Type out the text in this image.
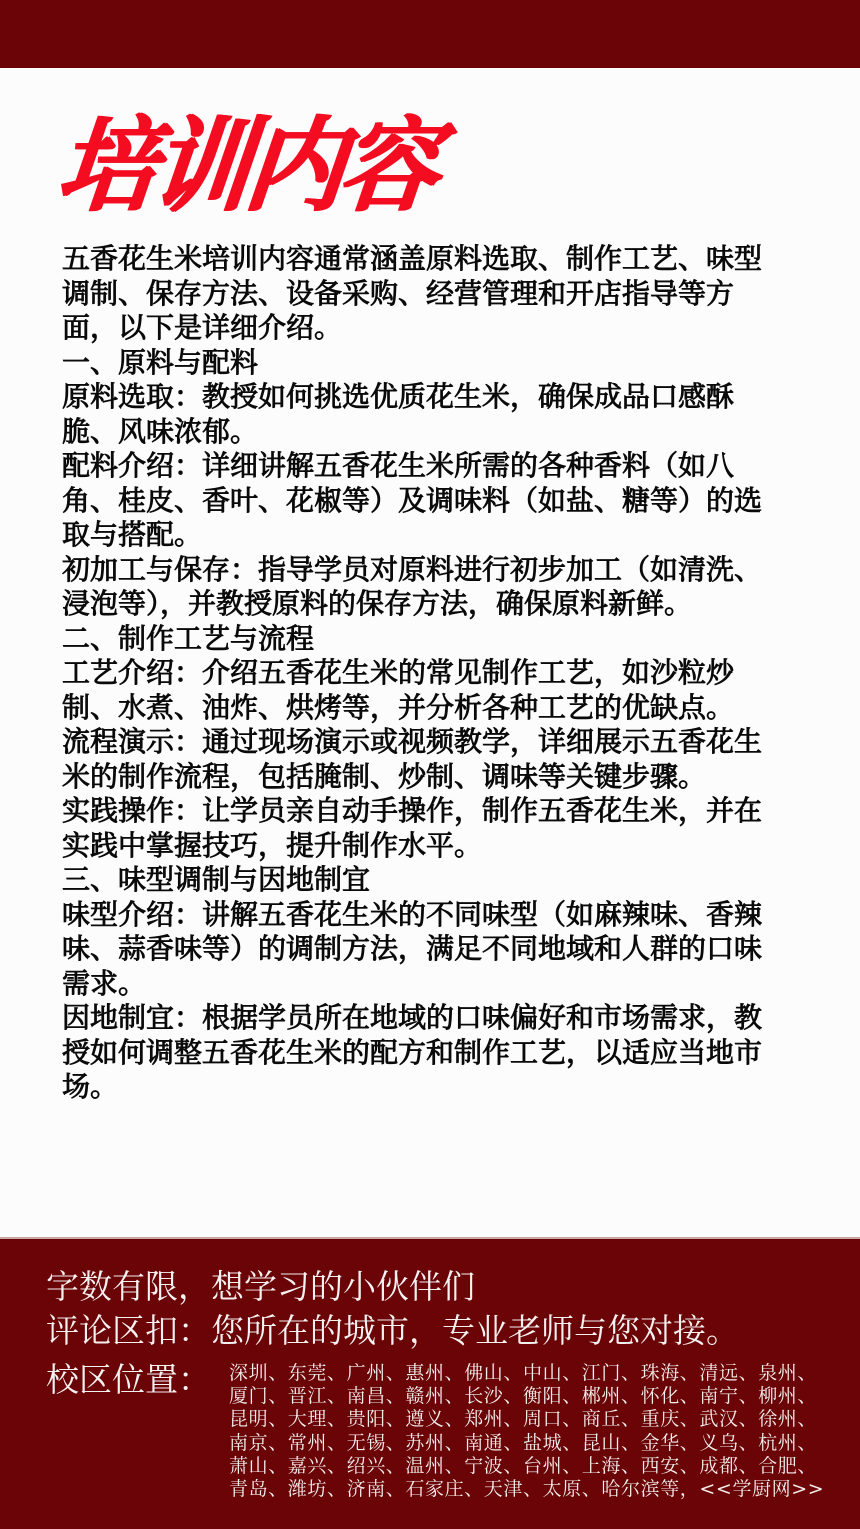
培训内容

五香花生米培训内容通常涵盖原料选取、制作工艺、味型调制、保存方法、设备采购、经营管理和开店指导等方面，以下是详细介绍。

一、原料与配料

原料选取：教授如何挑选优质花生米，确保成品口感酥脆、风味浓郁。

配料介绍：详细讲解五香花生米所需的各种香料（如八角、桂皮、香叶、花椒等）及调味料（如盐、糖等）的选取与搭配。

初加工与保存：指导学员对原料进行初步加工（如清洗、浸泡等），并教授原料的保存方法，确保原料新鲜。

二、制作工艺与流程

工艺介绍：介绍五香花生米的常见制作工艺，如沙粒炒制、水煮、油炸、烘烤等，并分析各种工艺的优缺点。

流程演示：通过现场演示或视频教学，详细展示五香花生米的制作流程，包括腌制、炒制、调味等关键步骤。

实践操作：让学员亲自动手操作，制作五香花生米，并在实践中掌握技巧，提升制作水平。

三、味型调制与因地制宜

味型介绍：讲解五香花生米的不同味型（如麻辣味、香辣味、蒜香味等）的调制方法，满足不同地域和人群的口味需求。

因地制宜：根据学员所在地域的口味偏好和市场需求，教授如何调整五香花生米的配方和制作工艺，以适应当地市场。

字数有限，想学习的小伙伴们
评论区扣：您所在的城市，专业老师与您对接。
校区位置： 深圳、东莞、广州、惠州、佛山、中山、江门、珠海、清远、泉州、
厦门、晋江、南昌、赣州、长沙、衡阳、郴州、怀化、南宁、柳州、
昆明、大理、贵阳、遵义、郑州、周口、商丘、重庆、武汉、徐州、
南京、常州、无锡、苏州、南通、盐城、昆山、金华、义乌、杭州、
萧山、嘉兴、绍兴、温州、宁波、台州、上海、西安、成都、合肥、
青岛、潍坊、济南、石家庄、天津、太原、哈尔滨等，<<学厨网>>
